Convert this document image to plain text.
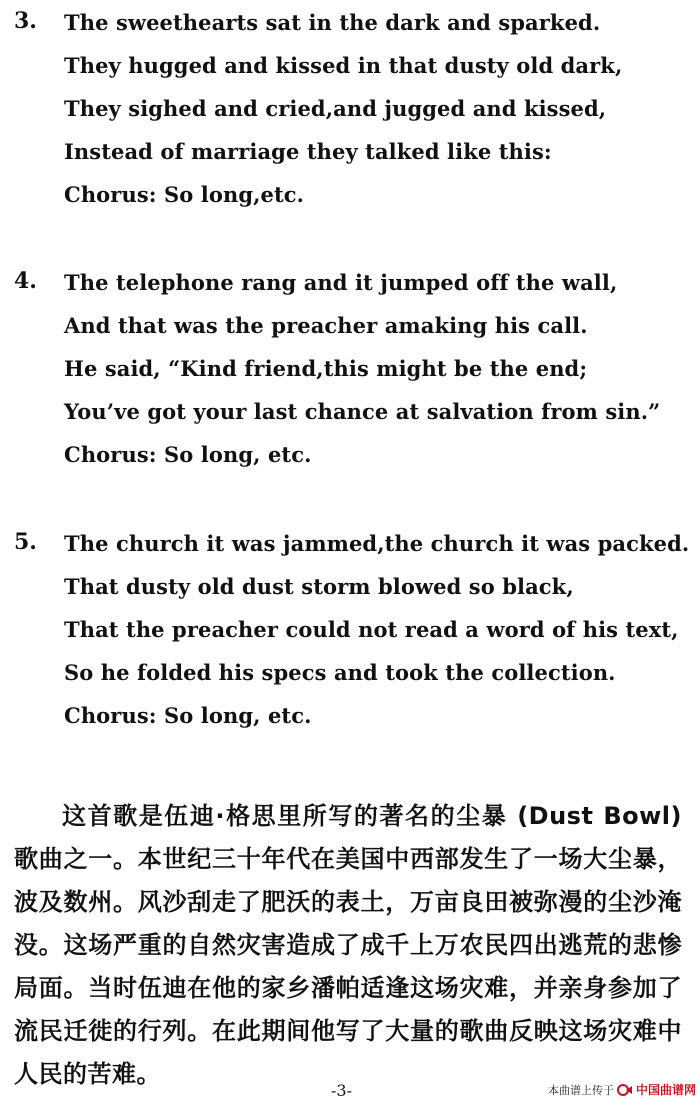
3. The sweethearts sat in the dark and sparked.
They hugged and kissed in that dusty old dark,
They sighed and cried,and jugged and kissed,
Instead of marriage they talked like this:
Chorus: So long,etc.
4. The telephone rang and it jumped off the wall,
And that was the preacher amaking his call.
He said, “Kind friend,this might be the end;
You’ve got your last chance at salvation from sin.”
Chorus: So long, etc.
5. The church it was jammed,the church it was packed.
That dusty old dust storm blowed so black,
That the preacher could not read a word of his text,
So he folded his specs and took the collection.
Chorus: So long, etc.
这首歌是伍迪·格思里所写的著名的尘暴 (Dust Bowl) 歌曲之一。本世纪三十年代在美国中西部发生了一场大尘暴，波及数州。风沙刮走了肥沃的表土，万亩良田被弥漫的尘沙淹没。这场严重的自然灾害造成了成千上万农民四出逃荒的悲惨局面。当时伍迪在他的家乡潘帕适逢这场灾难，并亲身参加了流民迁徙的行列。在此期间他写了大量的歌曲反映这场灾难中人民的苦难。
-3-	本曲谱上传于 中国曲谱网
